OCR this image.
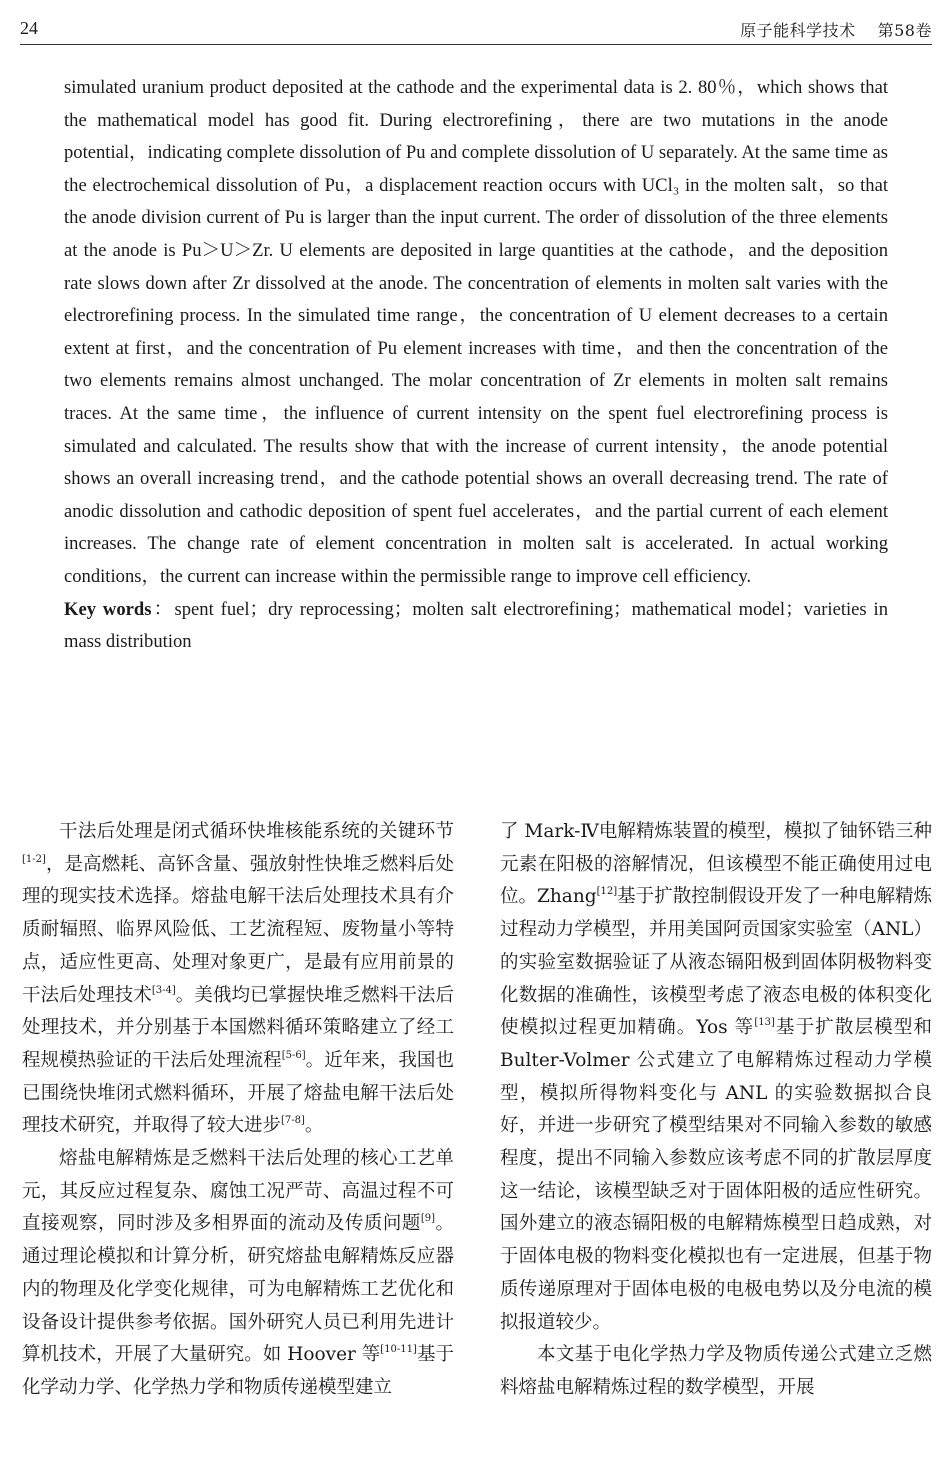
24	原子能科学技术 第58卷

simulated uranium product deposited at the cathode and the experimental data is 2. 80％，which shows that the mathematical model has good fit. During electrorefining，there are two mutations in the anode potential，indicating complete dissolution of Pu and complete dissolution of U separately. At the same time as the electrochemical dissolution of Pu，a displacement reaction occurs with UCl₃ in the molten salt，so that the anode division current of Pu is larger than the input current. The order of dissolution of the three elements at the anode is Pu＞U＞Zr. U elements are deposited in large quantities at the cathode，and the deposition rate slows down after Zr dissolved at the anode. The concentration of elements in molten salt varies with the electrorefining process. In the simulated time range，the concentration of U element decreases to a certain extent at first，and the concentration of Pu element increases with time，and then the concentration of the two elements remains almost unchanged. The molar concentration of Zr elements in molten salt remains traces. At the same time，the influence of current intensity on the spent fuel electrorefining process is simulated and calculated. The results show that with the increase of current intensity，the anode potential shows an overall increasing trend，and the cathode potential shows an overall decreasing trend. The rate of anodic dissolution and cathodic deposition of spent fuel accelerates，and the partial current of each element increases. The change rate of element concentration in molten salt is accelerated. In actual working conditions，the current can increase within the permissible range to improve cell efficiency.

Key words：spent fuel；dry reprocessing；molten salt electrorefining；mathematical model；varieties in mass distribution

干法后处理是闭式循环快堆核能系统的关键环节[1-2]，是高燃耗、高钚含量、强放射性快堆乏燃料后处理的现实技术选择。熔盐电解干法后处理技术具有介质耐辐照、临界风险低、工艺流程短、废物量小等特点，适应性更高、处理对象更广，是最有应用前景的干法后处理技术[3-4]。美俄均已掌握快堆乏燃料干法后处理技术，并分别基于本国燃料循环策略建立了经工程规模热验证的干法后处理流程[5-6]。近年来，我国也已围绕快堆闭式燃料循环，开展了熔盐电解干法后处理技术研究，并取得了较大进步[7-8]。

熔盐电解精炼是乏燃料干法后处理的核心工艺单元，其反应过程复杂、腐蚀工况严苛、高温过程不可直接观察，同时涉及多相界面的流动及传质问题[9]。通过理论模拟和计算分析，研究熔盐电解精炼反应器内的物理及化学变化规律，可为电解精炼工艺优化和设备设计提供参考依据。国外研究人员已利用先进计算机技术，开展了大量研究。如 Hoover 等[10-11]基于化学动力学、化学热力学和物质传递模型建立

了 Mark-Ⅳ电解精炼装置的模型，模拟了铀钚锆三种元素在阳极的溶解情况，但该模型不能正确使用过电位。Zhang[12]基于扩散控制假设开发了一种电解精炼过程动力学模型，并用美国阿贡国家实验室（ANL）的实验室数据验证了从液态镉阳极到固体阴极物料变化数据的准确性，该模型考虑了液态电极的体积变化使模拟过程更加精确。Yos 等[13]基于扩散层模型和 Bulter-Volmer 公式建立了电解精炼过程动力学模型，模拟所得物料变化与 ANL 的实验数据拟合良好，并进一步研究了模型结果对不同输入参数的敏感程度，提出不同输入参数应该考虑不同的扩散层厚度这一结论，该模型缺乏对于固体阳极的适应性研究。国外建立的液态镉阳极的电解精炼模型日趋成熟，对于固体电极的物料变化模拟也有一定进展，但基于物质传递原理对于固体电极的电极电势以及分电流的模拟报道较少。

本文基于电化学热力学及物质传递公式建立乏燃料熔盐电解精炼过程的数学模型，开展
